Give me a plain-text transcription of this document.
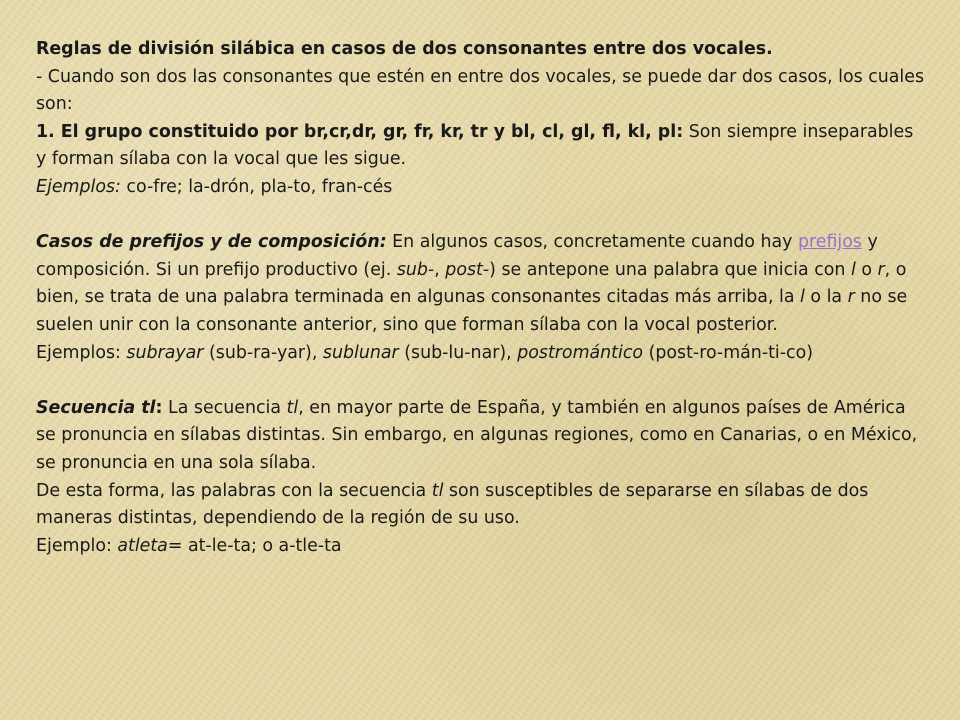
Reglas de división silábica en casos de dos consonantes entre dos vocales.

- Cuando son dos las consonantes que estén en entre dos vocales, se puede dar dos casos, los cuales son:

1. El grupo constituido por br,cr,dr, gr, fr, kr, tr y bl, cl, gl, fl, kl, pl: Son siempre inseparables y forman sílaba con la vocal que les sigue.

Ejemplos: co-fre; la-drón, pla-to, fran-cés

Casos de prefijos y de composición: En algunos casos, concretamente cuando hay prefijos y composición. Si un prefijo productivo (ej. sub-, post-) se antepone una palabra que inicia con l o r, o bien, se trata de una palabra terminada en algunas consonantes citadas más arriba, la l o la r no se suelen unir con la consonante anterior, sino que forman sílaba con la vocal posterior.

Ejemplos: subrayar (sub-ra-yar), sublunar (sub-lu-nar), postromántico (post-ro-mán-ti-co)

Secuencia tl: La secuencia tl, en mayor parte de España, y también en algunos países de América se pronuncia en sílabas distintas. Sin embargo, en algunas regiones, como en Canarias, o en México, se pronuncia en una sola sílaba.

De esta forma, las palabras con la secuencia tl son susceptibles de separarse en sílabas de dos maneras distintas, dependiendo de la región de su uso.

Ejemplo: atleta= at-le-ta; o a-tle-ta
